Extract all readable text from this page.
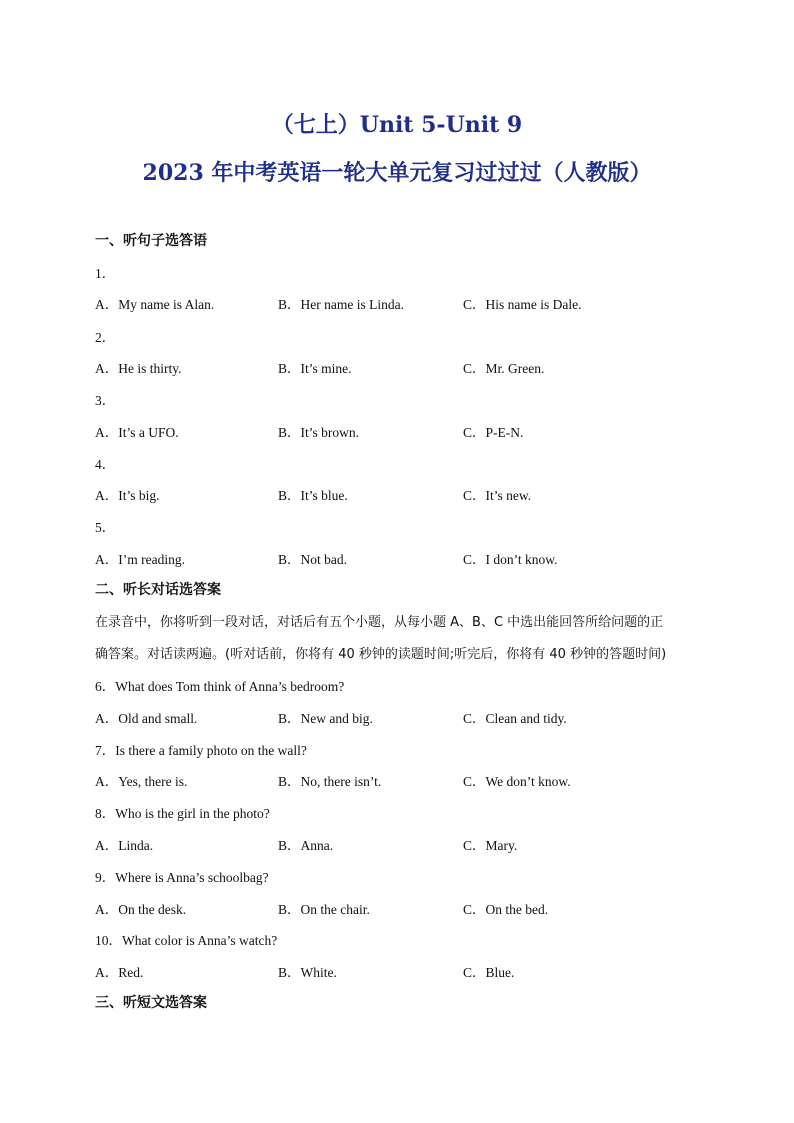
（七上）Unit 5-Unit 9
2023 年中考英语一轮大单元复习过过过（人教版）
一、听句子选答语
1．
A．My name is Alan.	B．Her name is Linda.	C．His name is Dale.
2．
A．He is thirty.	B．It’s mine.	C．Mr. Green.
3．
A．It’s a UFO.	B．It’s brown.	C．P-E-N.
4．
A．It’s big.	B．It’s blue.	C．It’s new.
5．
A．I’m reading.	B．Not bad.	C．I don’t know.
二、听长对话选答案
在录音中，你将听到一段对话，对话后有五个小题，从每小题 A、B、C 中选出能回答所给问题的正
确答案。对话读两遍。(听对话前，你将有 40 秒钟的读题时间;听完后，你将有 40 秒钟的答题时间)
6．What does Tom think of Anna’s bedroom?
A．Old and small.	B．New and big.	C．Clean and tidy.
7．Is there a family photo on the wall?
A．Yes, there is.	B．No, there isn’t.	C．We don’t know.
8．Who is the girl in the photo?
A．Linda.	B．Anna.	C．Mary.
9．Where is Anna’s schoolbag?
A．On the desk.	B．On the chair.	C．On the bed.
10．What color is Anna’s watch?
A．Red.	B．White.	C．Blue.
三、听短文选答案
